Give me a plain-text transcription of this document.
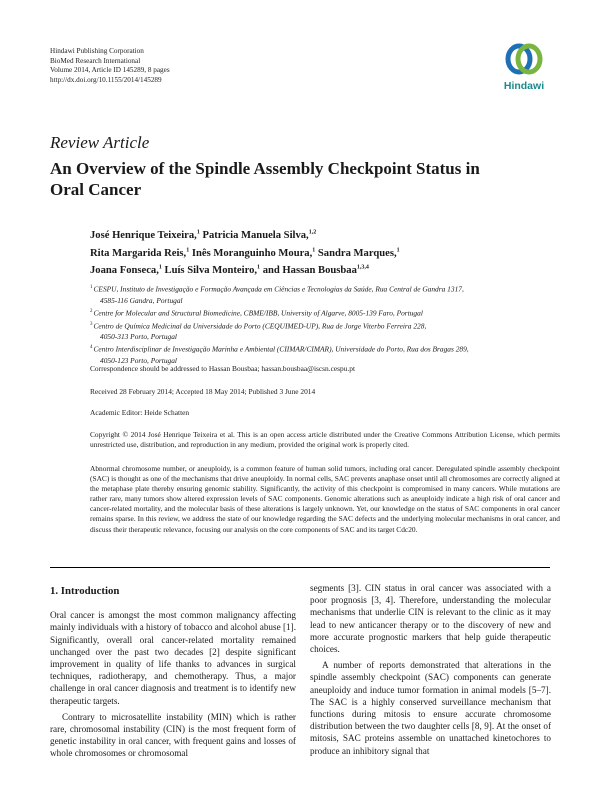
Hindawi Publishing Corporation
BioMed Research International
Volume 2014, Article ID 145289, 8 pages
http://dx.doi.org/10.1155/2014/145289
Hindawi
Review Article
An Overview of the Spindle Assembly Checkpoint Status in Oral Cancer
José Henrique Teixeira,$^1$ Patricia Manuela Silva,$^{1,2}$
Rita Margarida Reis,$^1$ Inês Moranguinho Moura,$^1$ Sandra Marques,$^1$
Joana Fonseca,$^1$ Luís Silva Monteiro,$^1$ and Hassan Bousbaa$^{1,3,4}$
$^1$CESPU, Instituto de Investigação e Formação Avançada em Ciências e Tecnologias da Saúde, Rua Central de Gandra 1317,
4585-116 Gandra, Portugal
$^2$Centre for Molecular and Structural Biomedicine, CBME/IBB, University of Algarve, 8005-139 Faro, Portugal
$^3$Centro de Química Medicinal da Universidade do Porto (CEQUIMED-UP), Rua de Jorge Viterbo Ferreira 228,
4050-313 Porto, Portugal
$^4$Centro Interdisciplinar de Investigação Marinha e Ambiental (CIIMAR/CIMAR), Universidade do Porto, Rua dos Bragas 289,
4050-123 Porto, Portugal
Correspondence should be addressed to Hassan Bousbaa; hassan.bousbaa@iscsn.cespu.pt
Received 28 February 2014; Accepted 18 May 2014; Published 3 June 2014
Academic Editor: Heide Schatten
Copyright © 2014 José Henrique Teixeira et al. This is an open access article distributed under the Creative Commons Attribution License, which permits unrestricted use, distribution, and reproduction in any medium, provided the original work is properly cited.
Abnormal chromosome number, or aneuploidy, is a common feature of human solid tumors, including oral cancer. Deregulated spindle assembly checkpoint (SAC) is thought as one of the mechanisms that drive aneuploidy. In normal cells, SAC prevents anaphase onset until all chromosomes are correctly aligned at the metaphase plate thereby ensuring genomic stability. Significantly, the activity of this checkpoint is compromised in many cancers. While mutations are rather rare, many tumors show altered expression levels of SAC components. Genomic alterations such as aneuploidy indicate a high risk of oral cancer and cancer-related mortality, and the molecular basis of these alterations is largely unknown. Yet, our knowledge on the status of SAC components in oral cancer remains sparse. In this review, we address the state of our knowledge regarding the SAC defects and the underlying molecular mechanisms in oral cancer, and discuss their therapeutic relevance, focusing our analysis on the core components of SAC and its target Cdc20.
1. Introduction

Oral cancer is amongst the most common malignancy affecting mainly individuals with a history of tobacco and alcohol abuse [1]. Significantly, overall oral cancer-related mortality remained unchanged over the past two decades [2] despite significant improvement in quality of life thanks to advances in surgical techniques, radiotherapy, and chemotherapy. Thus, a major challenge in oral cancer diagnosis and treatment is to identify new therapeutic targets.

Contrary to microsatellite instability (MIN) which is rather rare, chromosomal instability (CIN) is the most frequent form of genetic instability in oral cancer, with frequent gains and losses of whole chromosomes or chromosomal

segments [3]. CIN status in oral cancer was associated with a poor prognosis [3, 4]. Therefore, understanding the molecular mechanisms that underlie CIN is relevant to the clinic as it may lead to new anticancer therapy or to the discovery of new and more accurate prognostic markers that help guide therapeutic choices.

A number of reports demonstrated that alterations in the spindle assembly checkpoint (SAC) components can generate aneuploidy and induce tumor formation in animal models [5–7]. The SAC is a highly conserved surveillance mechanism that functions during mitosis to ensure accurate chromosome distribution between the two daughter cells [8, 9]. At the onset of mitosis, SAC proteins assemble on unattached kinetochores to produce an inhibitory signal that
